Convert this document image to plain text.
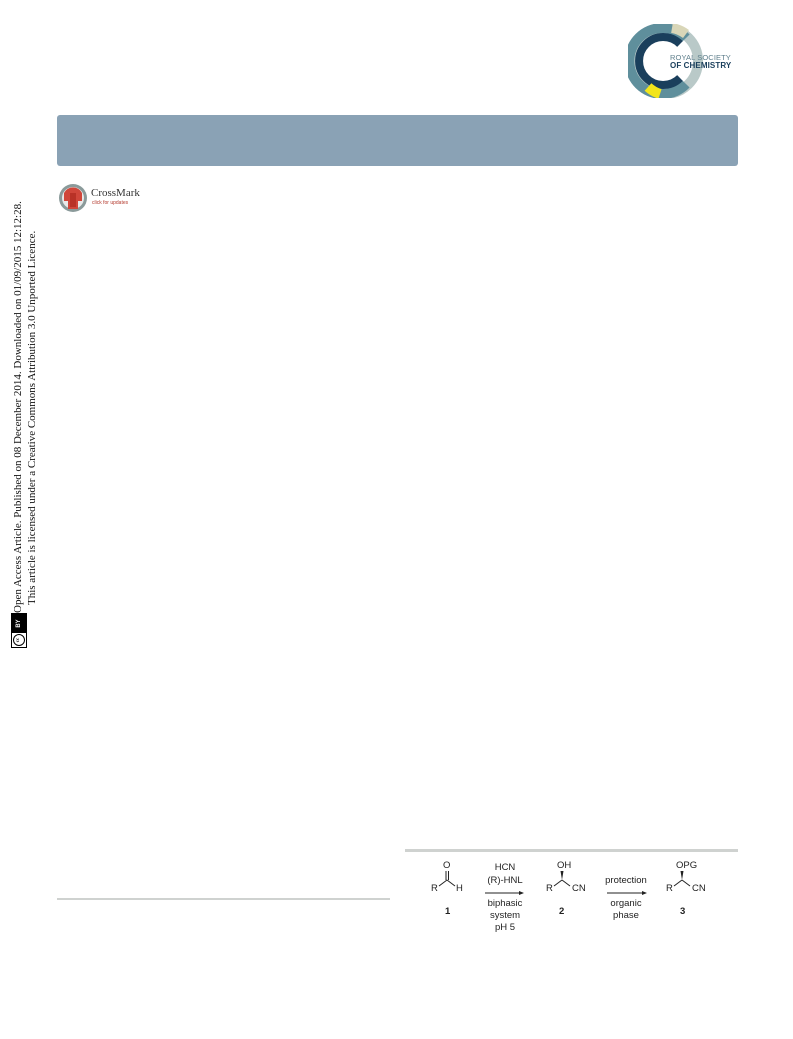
ROYAL SOCIETY
OF CHEMISTRY
CrossMark
click for updates
cc
BY
Open Access Article. Published on 08 December 2014. Downloaded on 01/09/2015 12:12:28. This article is licensed under a Creative Commons Attribution 3.0 Unported Licence.
O
R H
1
HCN
(R)-HNL
biphasic
system
pH 5
OH
R CN
2
protection
organic
phase
OPG
R CN
3
